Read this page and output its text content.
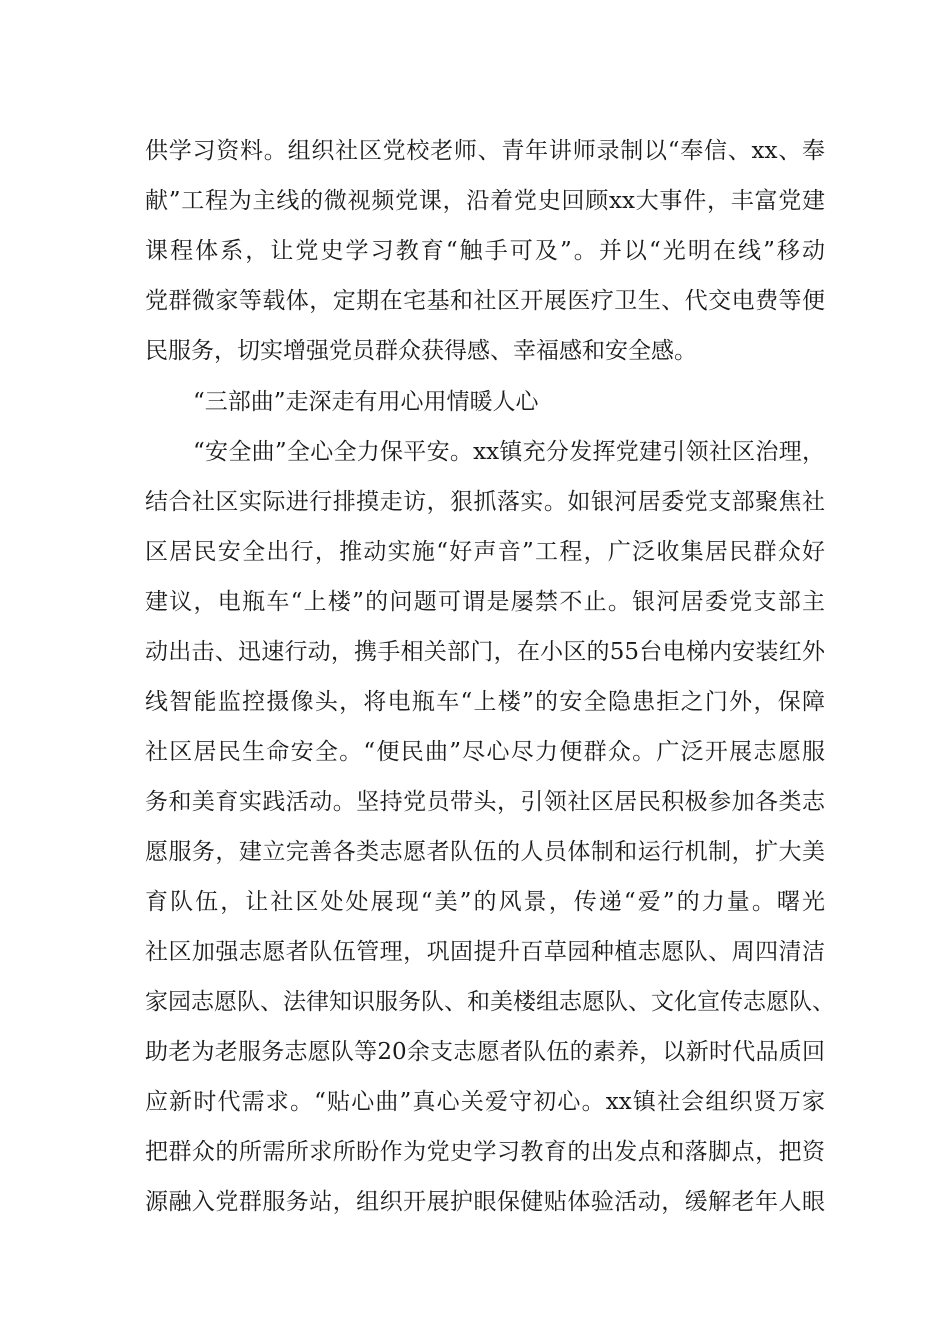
供学习资料。组织社区党校老师、青年讲师录制以“奉信、xx、奉
献”工程为主线的微视频党课，沿着党史回顾xx大事件，丰富党建
课程体系，让党史学习教育“触手可及”。并以“光明在线”移动
党群微家等载体，定期在宅基和社区开展医疗卫生、代交电费等便
民服务，切实增强党员群众获得感、幸福感和安全感。
“三部曲”走深走有用心用情暖人心
“安全曲”全心全力保平安。xx镇充分发挥党建引领社区治理，
结合社区实际进行排摸走访，狠抓落实。如银河居委党支部聚焦社
区居民安全出行，推动实施“好声音”工程，广泛收集居民群众好
建议，电瓶车“上楼”的问题可谓是屡禁不止。银河居委党支部主
动出击、迅速行动，携手相关部门，在小区的55台电梯内安装红外
线智能监控摄像头，将电瓶车“上楼”的安全隐患拒之门外，保障
社区居民生命安全。“便民曲”尽心尽力便群众。广泛开展志愿服
务和美育实践活动。坚持党员带头，引领社区居民积极参加各类志
愿服务，建立完善各类志愿者队伍的人员体制和运行机制，扩大美
育队伍，让社区处处展现“美”的风景，传递“爱”的力量。曙光
社区加强志愿者队伍管理，巩固提升百草园种植志愿队、周四清洁
家园志愿队、法律知识服务队、和美楼组志愿队、文化宣传志愿队、
助老为老服务志愿队等20余支志愿者队伍的素养，以新时代品质回
应新时代需求。“贴心曲”真心关爱守初心。xx镇社会组织贤万家
把群众的所需所求所盼作为党史学习教育的出发点和落脚点，把资
源融入党群服务站，组织开展护眼保健贴体验活动，缓解老年人眼
